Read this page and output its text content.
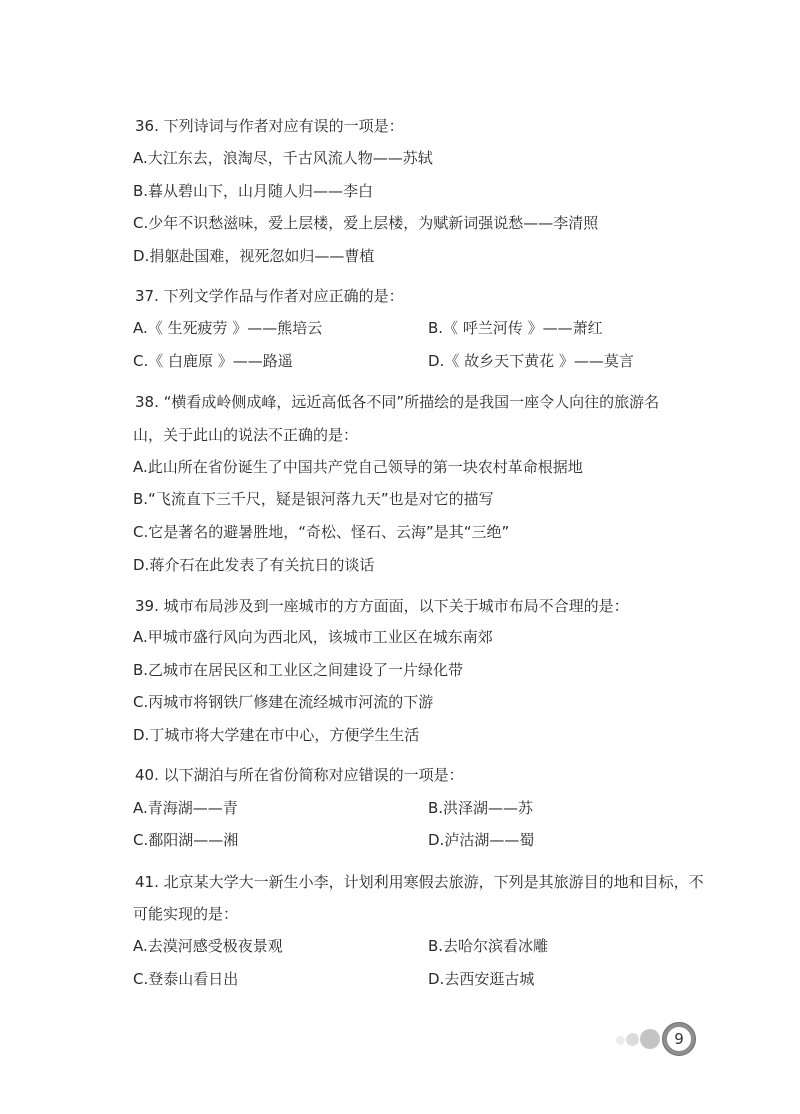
36. 下列诗词与作者对应有误的一项是：
A.大江东去，浪淘尽，千古风流人物——苏轼
B.暮从碧山下，山月随人归——李白
C.少年不识愁滋味，爱上层楼，爱上层楼，为赋新词强说愁——李清照
D.捐躯赴国难，视死忽如归——曹植
37. 下列文学作品与作者对应正确的是：
A.《 生死疲劳 》——熊培云	B.《 呼兰河传 》——萧红
C.《 白鹿原 》——路遥	D.《 故乡天下黄花 》——莫言
38. “横看成岭侧成峰，远近高低各不同”所描绘的是我国一座令人向往的旅游名
山，关于此山的说法不正确的是：
A.此山所在省份诞生了中国共产党自己领导的第一块农村革命根据地
B.“飞流直下三千尺，疑是银河落九天”也是对它的描写
C.它是著名的避暑胜地，“奇松、怪石、云海”是其“三绝”
D.蒋介石在此发表了有关抗日的谈话
39. 城市布局涉及到一座城市的方方面面，以下关于城市布局不合理的是：
A.甲城市盛行风向为西北风，该城市工业区在城东南郊
B.乙城市在居民区和工业区之间建设了一片绿化带
C.丙城市将钢铁厂修建在流经城市河流的下游
D.丁城市将大学建在市中心，方便学生生活
40. 以下湖泊与所在省份简称对应错误的一项是：
A.青海湖——青	B.洪泽湖——苏
C.鄱阳湖——湘	D.泸沽湖——蜀
41. 北京某大学大一新生小李，计划利用寒假去旅游，下列是其旅游目的地和目标，不
可能实现的是：
A.去漠河感受极夜景观	B.去哈尔滨看冰雕
C.登泰山看日出	D.去西安逛古城
9
